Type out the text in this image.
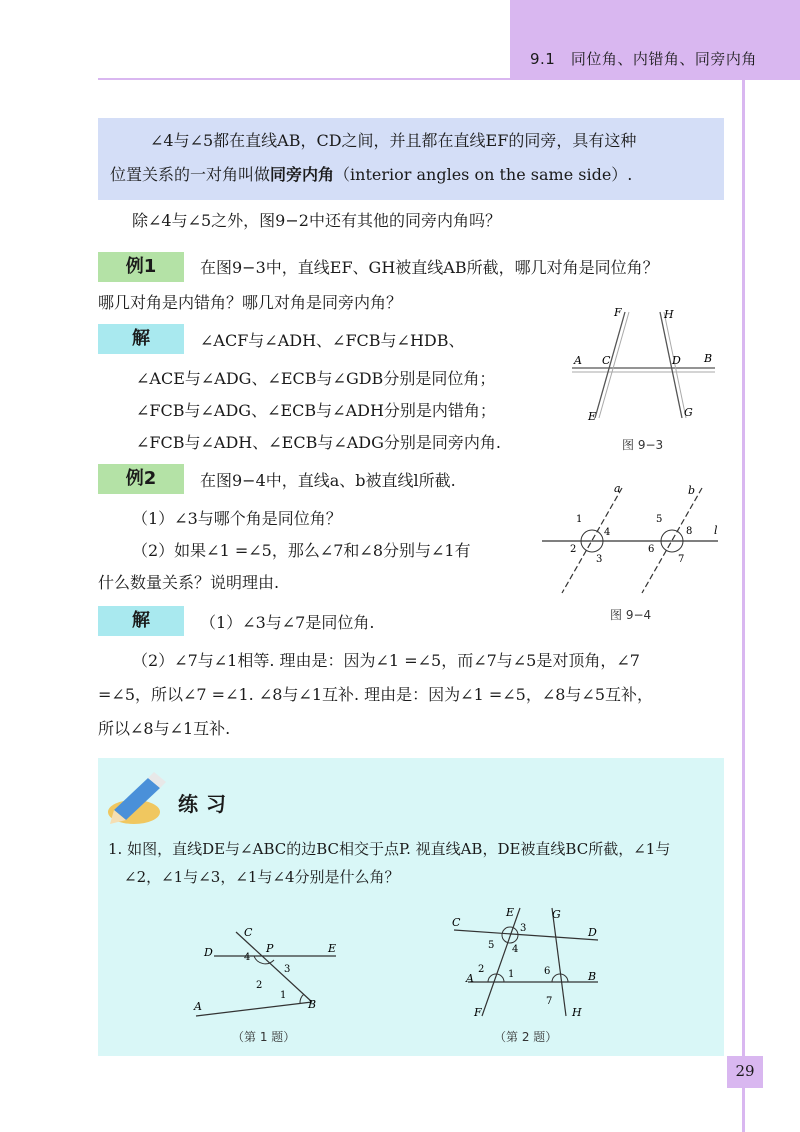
9.1　同位角、内错角、同旁内角
∠4与∠5都在直线AB，CD之间，并且都在直线EF的同旁，具有这种
位置关系的一对角叫做同旁内角（interior angles on the same side）.
除∠4与∠5之外，图9−2中还有其他的同旁内角吗？
例1	在图9−3中，直线EF、GH被直线AB所截，哪几对角是同位角？
哪几对角是内错角？哪几对角是同旁内角？
解	∠ACF与∠ADH、∠FCB与∠HDB、
∠ACE与∠ADG、∠ECB与∠GDB分别是同位角；
∠FCB与∠ADG、∠ECB与∠ADH分别是内错角；
∠FCB与∠ADH、∠ECB与∠ADG分别是同旁内角.
F	H
A C	D B
E	G
图 9−3
例2	在图9−4中，直线a、b被直线l所截.
（1）∠3与哪个角是同位角？
（2）如果∠1 =∠5，那么∠7和∠8分别与∠1有
什么数量关系？说明理由.
a	b
l
1
2
3
4
5
6
7
8
图 9−4
解	（1）∠3与∠7是同位角.
（2）∠7与∠1相等. 理由是：因为∠1 =∠5，而∠7与∠5是对顶角，∠7
=∠5，所以∠7 =∠1. ∠8与∠1互补. 理由是：因为∠1 =∠5，∠8与∠5互补，
所以∠8与∠1互补.
练习
1. 如图，直线DE与∠ABC的边BC相交于点P. 视直线AB，DE被直线BC所截，∠1与
∠2，∠1与∠3，∠1与∠4分别是什么角？
C
D	P	E
A	B
1
2
3
4
（第 1 题）
C
E	G
D
A	B
F	H
1
2
3
4
5
6
7
（第 2 题）
29
